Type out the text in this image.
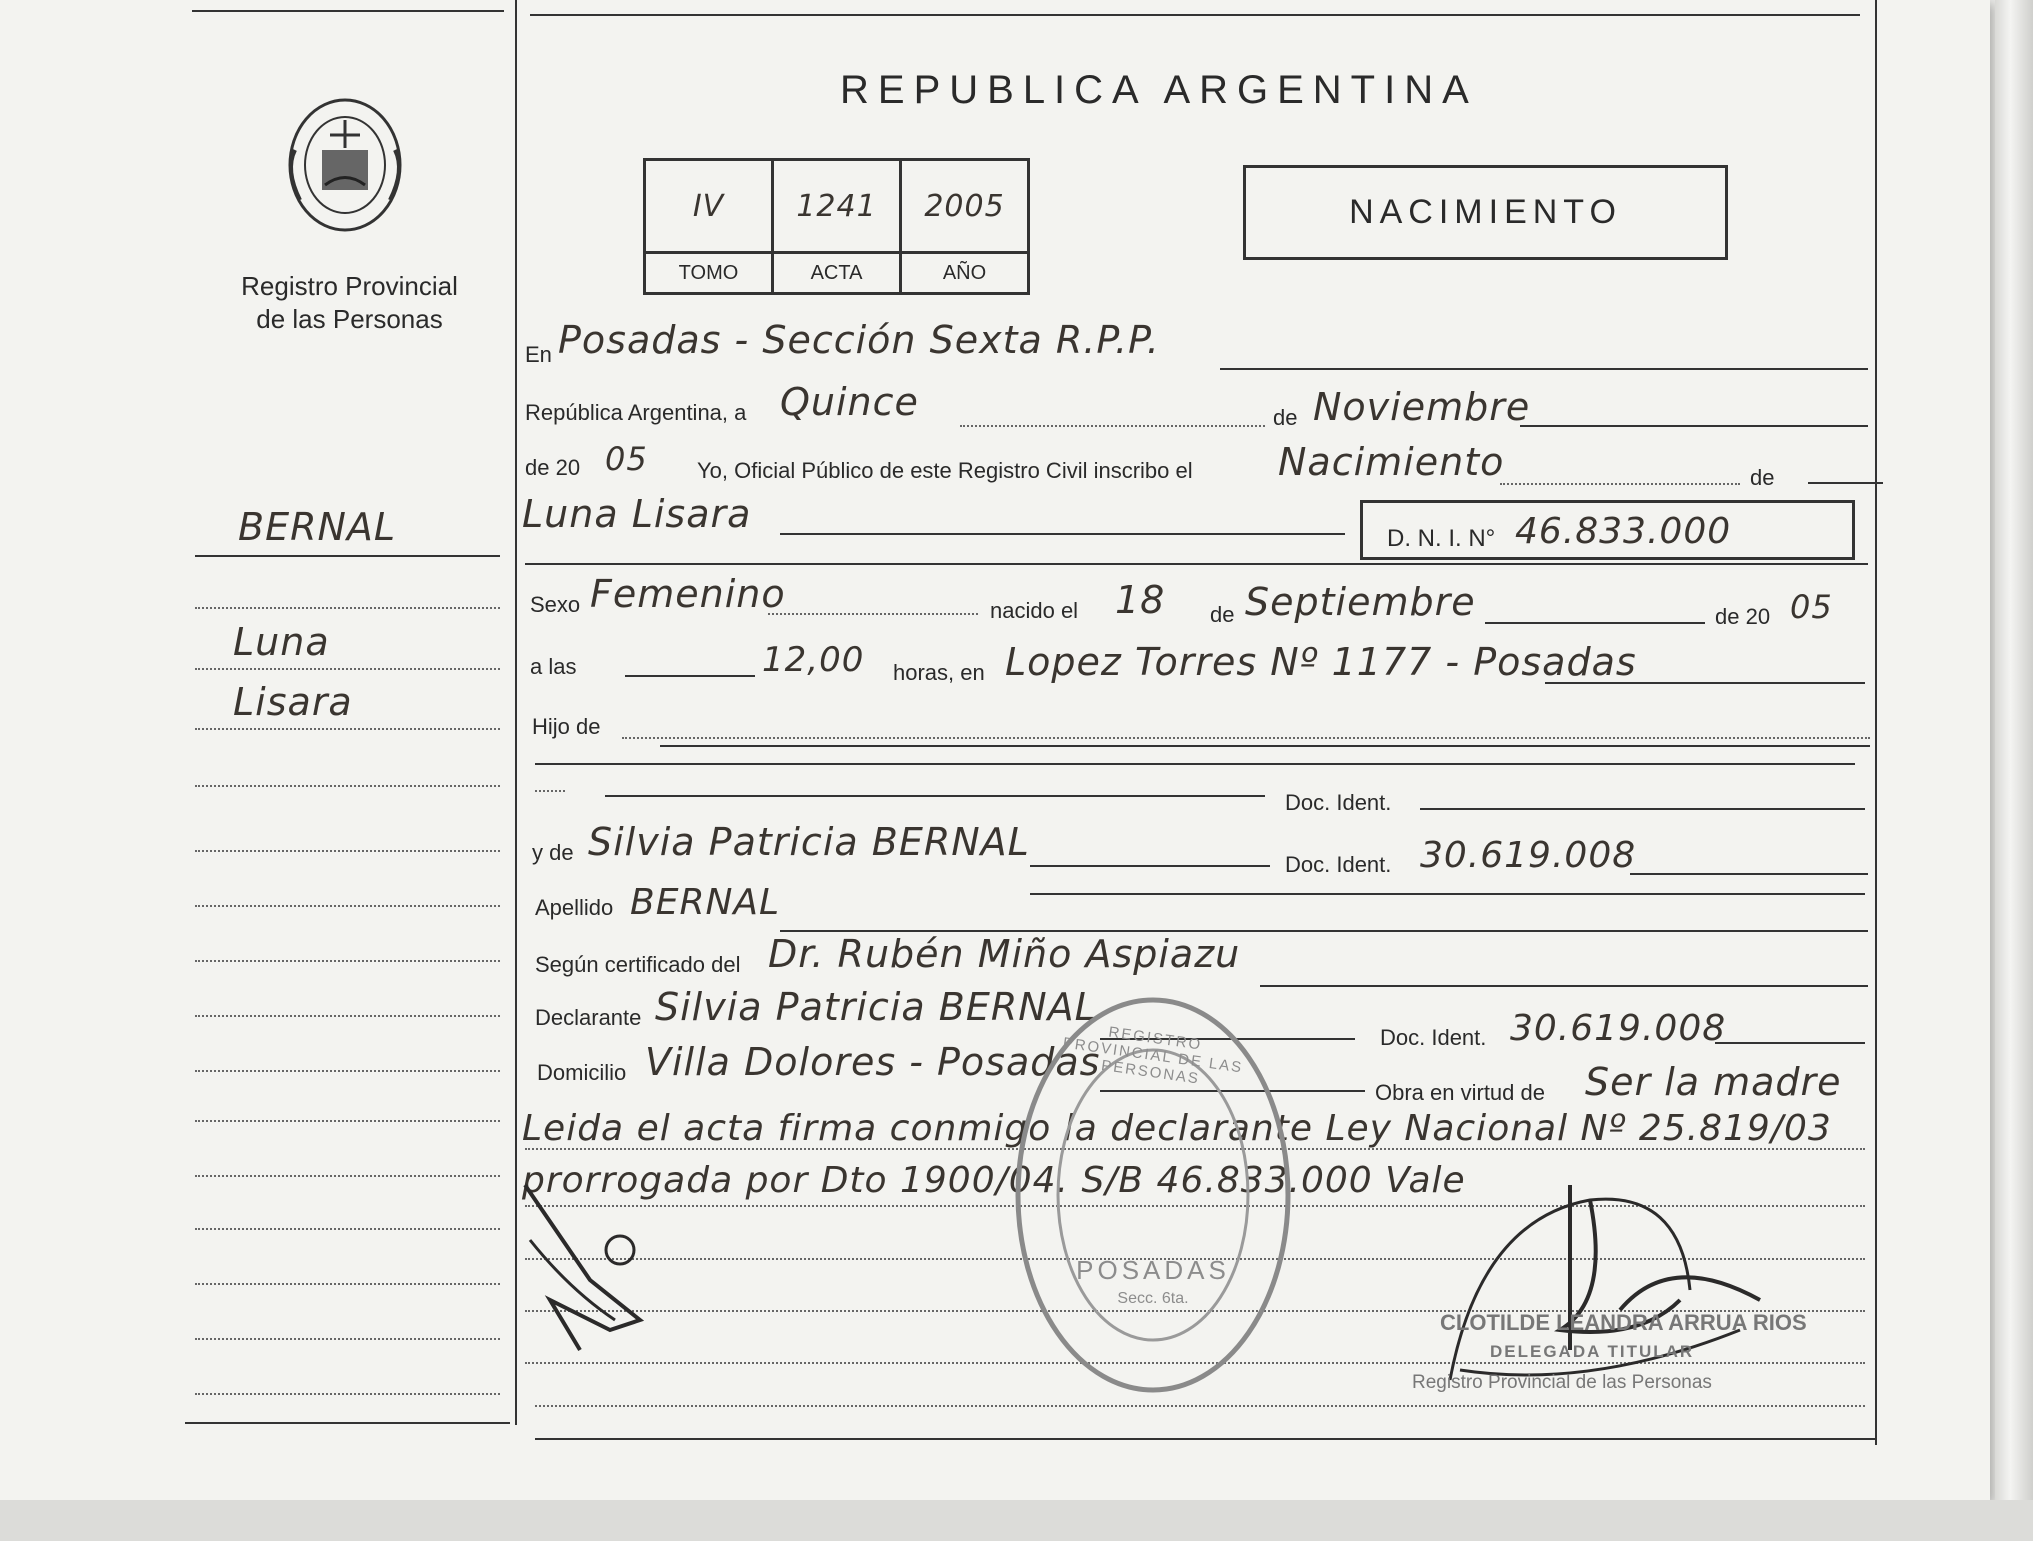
Registro Provincial
de las Personas
REPUBLICA ARGENTINA
IV	1241	2005
TOMO	ACTA	AÑO
NACIMIENTO
BERNAL
Luna
Lisara
En Posadas - Sección Sexta R.P.P.
República Argentina, a Quince	de Noviembre
de 20 05 Yo, Oficial Público de este Registro Civil inscribo el Nacimiento	de
Luna Lisara
D. N. I. N° 46.833.000
Sexo Femenino	nacido el 18 de Septiembre	de 20 05
a las	12,00 horas, en Lopez Torres Nº 1177 - Posadas
Hijo de
Doc. Ident.
y de Silvia Patricia BERNAL
Doc. Ident. 30.619.008
Apellido BERNAL
Según certificado del Dr. Rubén Miño Aspiazu
Declarante Silvia Patricia BERNAL
Doc. Ident. 30.619.008
Domicilio Villa Dolores - Posadas
Obra en virtud de Ser la madre
Leida el acta firma conmigo la declarante Ley Nacional Nº 25.819/03
prorrogada por Dto 1900/04. S/B 46.833.000 Vale
REGISTRO PROVINCIAL DE LAS PERSONAS
POSADAS
Secc. 6ta.
CLOTILDE LEANDRA ARRUA RIOS
DELEGADA TITULAR
Registro Provincial de las Personas
